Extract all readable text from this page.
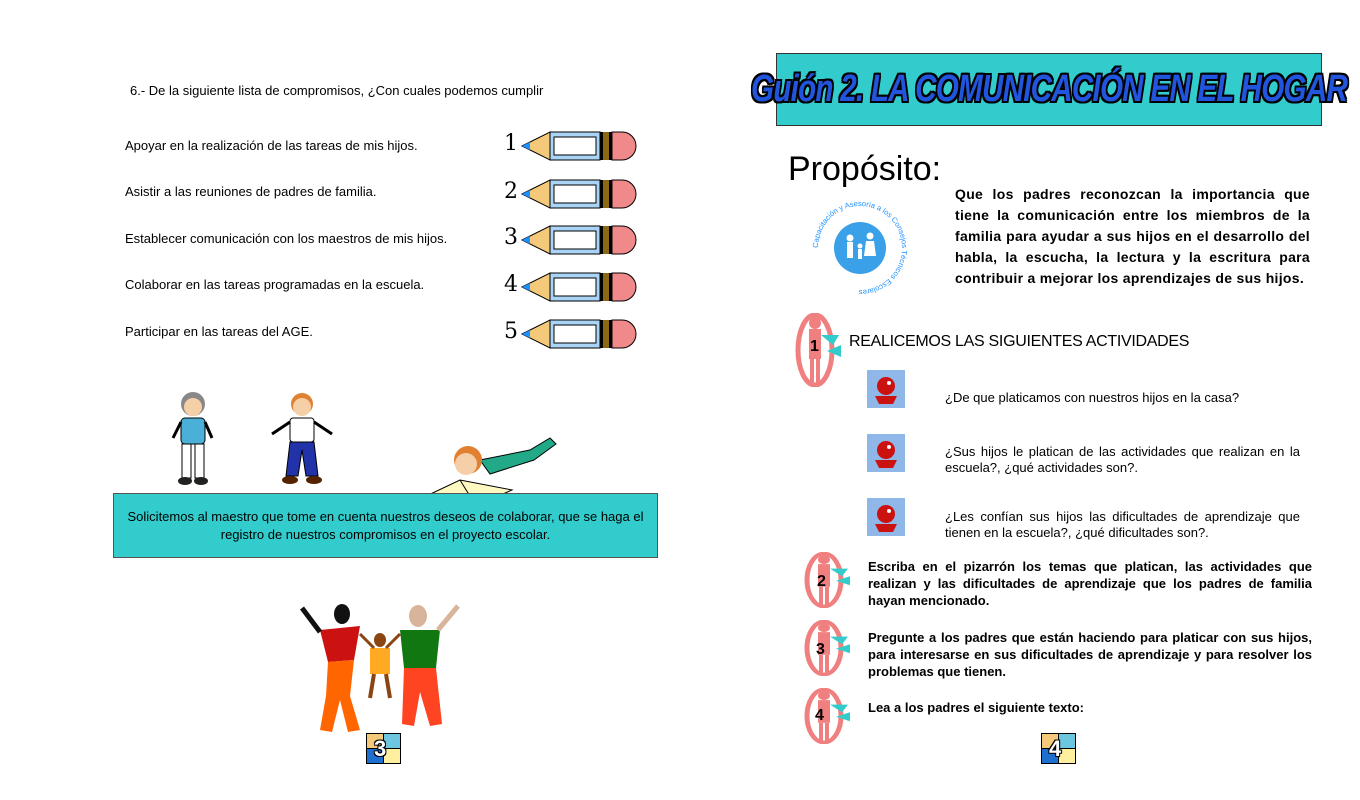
6.- De la siguiente lista de compromisos, ¿Con cuales podemos cumplir
Apoyar en la realización de las tareas de mis hijos.
Asistir a las reuniones de padres de familia.
Establecer comunicación con los maestros de mis hijos.
Colaborar en las tareas programadas en la escuela.
Participar en las tareas del AGE.
1
2
3
4
5
Solicitemos al maestro que tome en cuenta nuestros deseos de colaborar, que se haga el registro de nuestros compromisos en el proyecto escolar.
3
Guión 2. LA COMUNICACIÓN EN EL HOGAR
Propósito:
Capacitación y Asesoría a los Consejos Técnicos Escolares
Que los padres reconozcan la importancia que tiene la comunicación entre los miembros de la familia para ayudar a sus hijos en el desarrollo del habla, la escucha, la lectura y la escritura para contribuir a mejorar los aprendizajes de sus hijos.
1 REALICEMOS LAS SIGUIENTES ACTIVIDADES
¿De que platicamos con nuestros hijos en la casa?
¿Sus hijos le platican de las actividades que realizan en la escuela?, ¿qué actividades son?.
¿Les confían sus hijos las dificultades de aprendizaje que tienen en la escuela?, ¿qué dificultades son?.
2
Escriba en el pizarrón los temas que platican, las actividades que realizan y las dificultades de aprendizaje que los padres de familia hayan mencionado.
3
Pregunte a los padres que están haciendo para platicar con sus hijos, para interesarse en sus dificultades de aprendizaje y para resolver los problemas que tienen.
4	Lea a los padres el siguiente texto:
4
